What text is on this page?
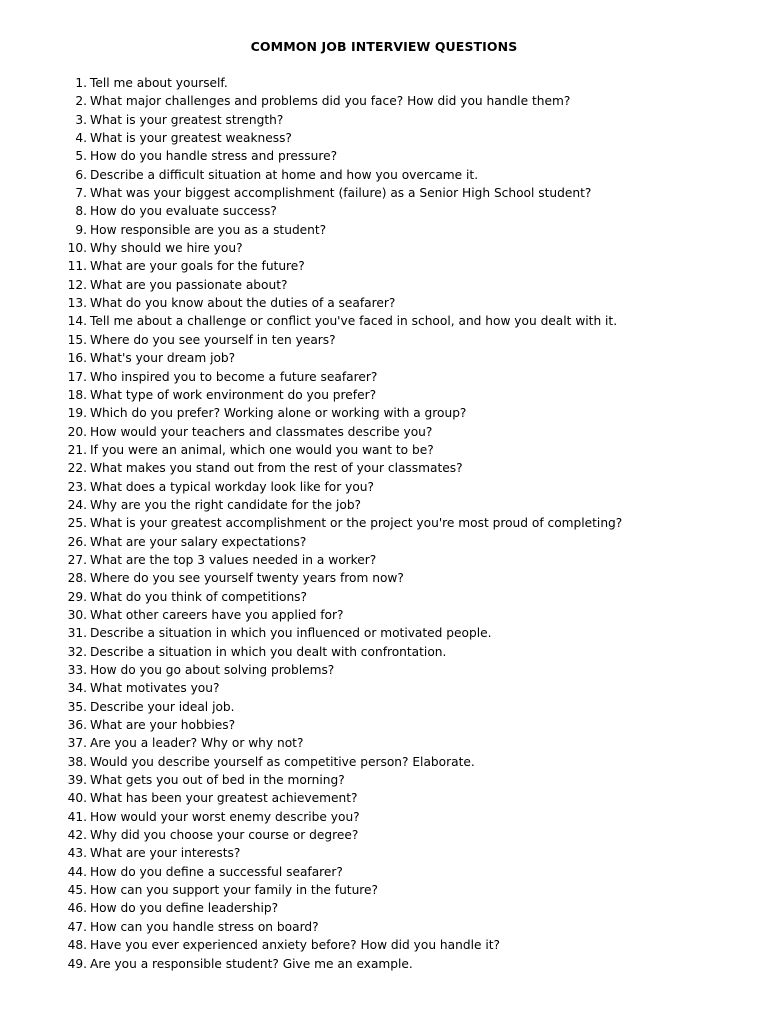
COMMON JOB INTERVIEW QUESTIONS
1. Tell me about yourself.
2. What major challenges and problems did you face? How did you handle them?
3. What is your greatest strength?
4. What is your greatest weakness?
5. How do you handle stress and pressure?
6. Describe a difficult situation at home and how you overcame it.
7. What was your biggest accomplishment (failure) as a Senior High School student?
8. How do you evaluate success?
9. How responsible are you as a student?
10. Why should we hire you?
11. What are your goals for the future?
12. What are you passionate about?
13. What do you know about the duties of a seafarer?
14. Tell me about a challenge or conflict you've faced in school, and how you dealt with it.
15. Where do you see yourself in ten years?
16. What's your dream job?
17. Who inspired you to become a future seafarer?
18. What type of work environment do you prefer?
19. Which do you prefer? Working alone or working with a group?
20. How would your teachers and classmates describe you?
21. If you were an animal, which one would you want to be?
22. What makes you stand out from the rest of your classmates?
23. What does a typical workday look like for you?
24. Why are you the right candidate for the job?
25. What is your greatest accomplishment or the project you're most proud of completing?
26. What are your salary expectations?
27. What are the top 3 values needed in a worker?
28. Where do you see yourself twenty years from now?
29. What do you think of competitions?
30. What other careers have you applied for?
31. Describe a situation in which you influenced or motivated people.
32. Describe a situation in which you dealt with confrontation.
33. How do you go about solving problems?
34. What motivates you?
35. Describe your ideal job.
36. What are your hobbies?
37. Are you a leader? Why or why not?
38. Would you describe yourself as competitive person? Elaborate.
39. What gets you out of bed in the morning?
40. What has been your greatest achievement?
41. How would your worst enemy describe you?
42. Why did you choose your course or degree?
43. What are your interests?
44. How do you define a successful seafarer?
45. How can you support your family in the future?
46. How do you define leadership?
47. How can you handle stress on board?
48. Have you ever experienced anxiety before? How did you handle it?
49. Are you a responsible student? Give me an example.
